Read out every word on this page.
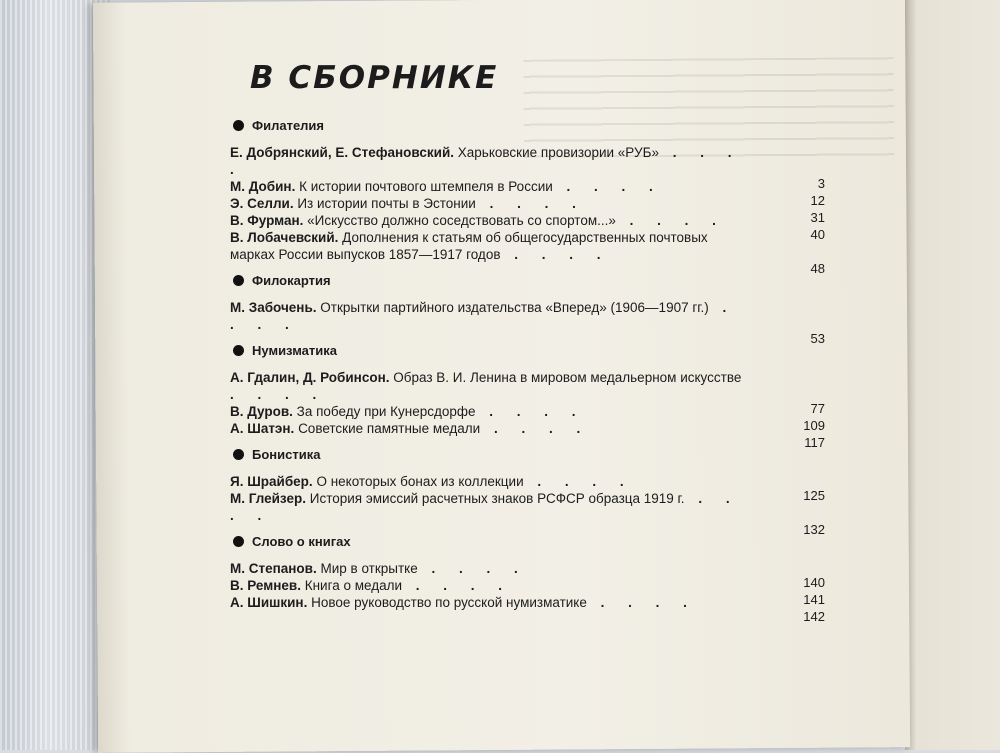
В СБОРНИКЕ
Филателия
Е. Добрянский, Е. Стефановский. Харьковские провизории «РУБ» . . . .
3
М. Добин. К истории почтового штемпеля в России . . . .
12
Э. Селли. Из истории почты в Эстонии . . . .
31
В. Фурман. «Искусство должно соседствовать со спортом...» . . . .
40
В. Лобачевский. Дополнения к статьям об общегосударственных почтовых марках России выпусков 1857—1917 годов . . . .
48
Филокартия
М. Забочень. Открытки партийного издательства «Вперед» (1906—1907 гг.) . . . .
53
Нумизматика
А. Гдалин, Д. Робинсон. Образ В. И. Ленина в мировом медальерном искусстве . . . .
77
В. Дуров. За победу при Кунерсдорфе . . . .
109
А. Шатэн. Советские памятные медали . . . .
117
Бонистика
Я. Шрайбер. О некоторых бонах из коллекции . . . .
125
М. Глейзер. История эмиссий расчетных знаков РСФСР образца 1919 г. . . . .
132
Слово о книгах
М. Степанов. Мир в открытке . . . .
140
В. Ремнев. Книга о медали . . . .
141
А. Шишкин. Новое руководство по русской нумизматике . . . .
142
